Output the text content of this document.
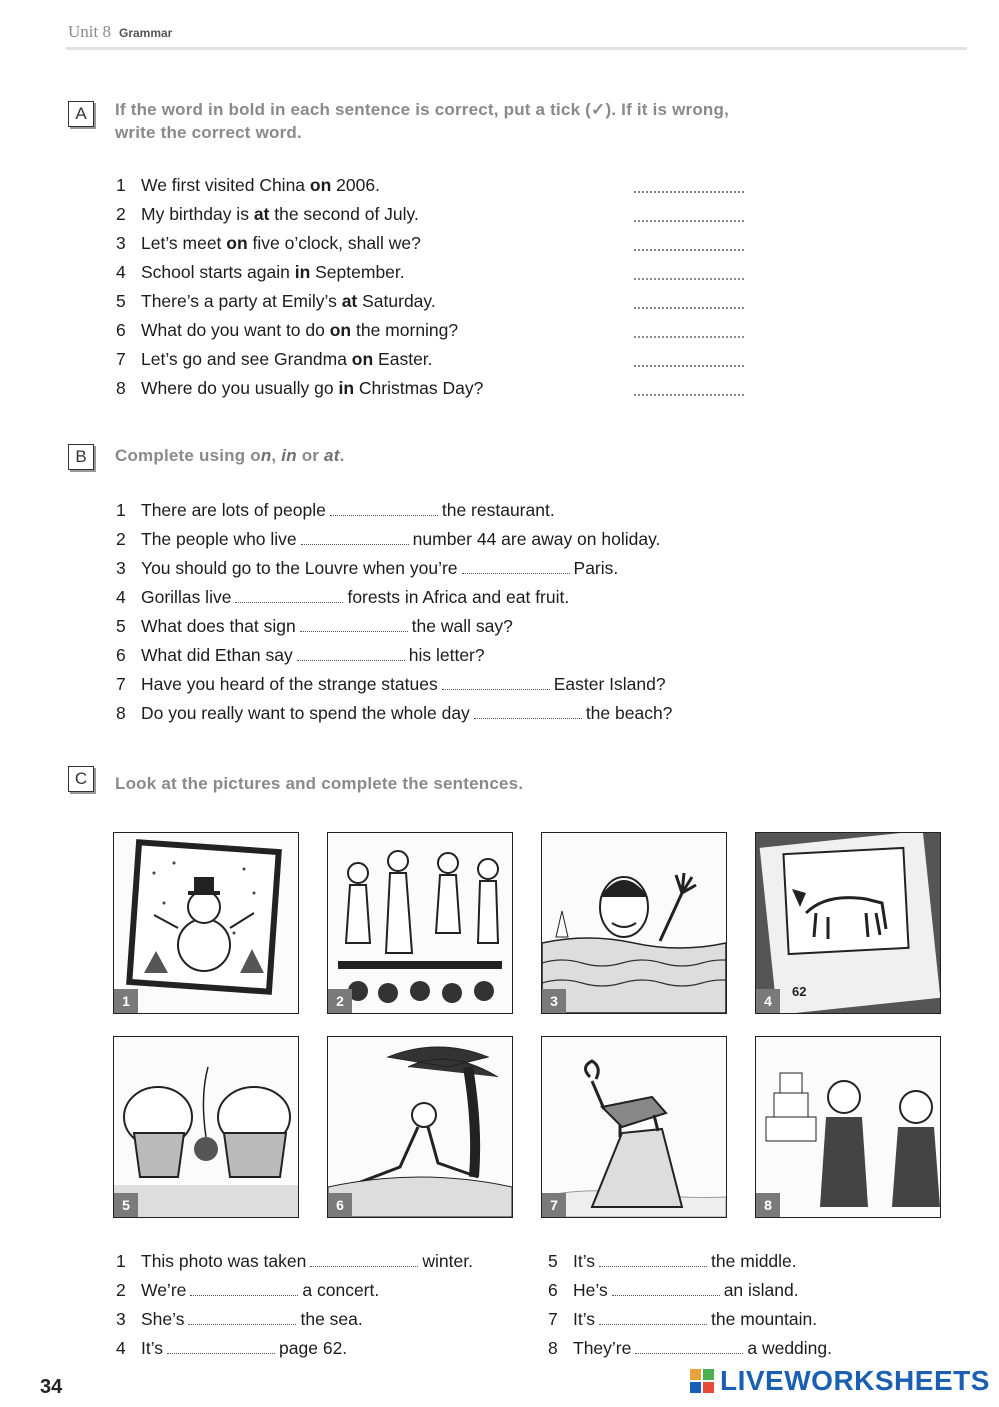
Unit 8 Grammar
A	If the word in bold in each sentence is correct, put a tick (✓). If it is wrong,
write the correct word.
1 We first visited China on 2006.
2 My birthday is at the second of July.
3 Let’s meet on five o’clock, shall we?
4 School starts again in September.
5 There’s a party at Emily’s at Saturday.
6 What do you want to do on the morning?
7 Let’s go and see Grandma on Easter.
8 Where do you usually go in Christmas Day?
B	Complete using on, in or at.
1 There are lots of people	the restaurant.
2 The people who live	number 44 are away on holiday.
3 You should go to the Louvre when you’re	Paris.
4 Gorillas live	forests in Africa and eat fruit.
5 What does that sign	the wall say?
6 What did Ethan say	his letter?
7 Have you heard of the strange statues	Easter Island?
8 Do you really want to spend the whole day	the beach?
C	Look at the pictures and complete the sentences.
1	2	3	4
62
5	6	7	8
1 This photo was taken	winter.
2 We’re	a concert.
3 She’s	the sea.
4 It’s	page 62.
5 It’s	the middle.
6 He’s	an island.
7 It’s	the mountain.
8 They’re	a wedding.
34	LIVEWORKSHEETS
